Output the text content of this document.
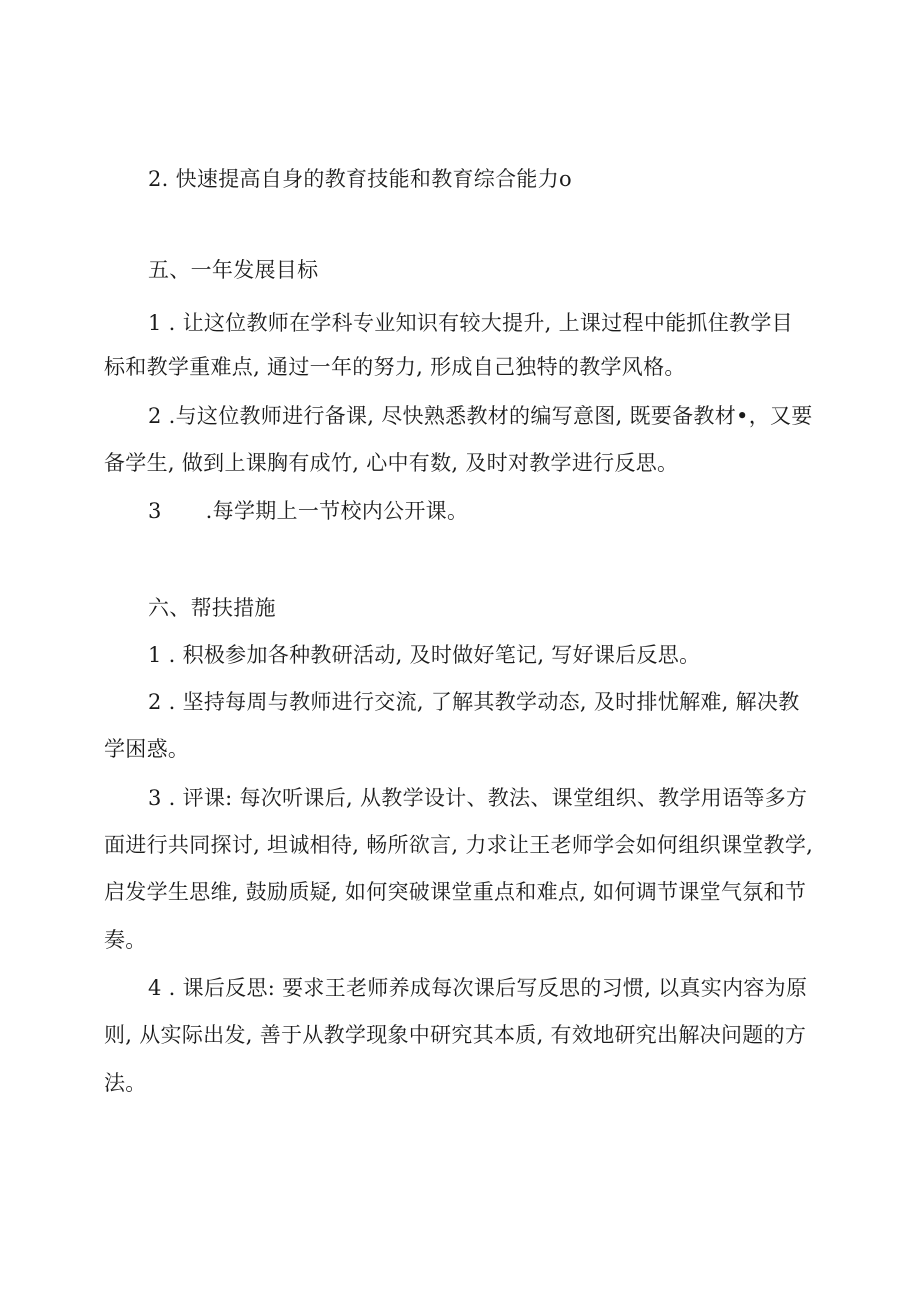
2. 快速提高自身的教育技能和教育综合能力o
五、一年发展目标
1 . 让这位教师在学科专业知识有较大提升, 上课过程中能抓住教学目
标和教学重难点, 通过一年的努力, 形成自己独特的教学风格。
2 .与这位教师进行备课, 尽快熟悉教材的编写意图, 既要备教材•，又要
备学生, 做到上课胸有成竹, 心中有数, 及时对教学进行反思。
3 .每学期上一节校内公开课。
六、帮扶措施
1 . 积极参加各种教研活动, 及时做好笔记, 写好课后反思。
2 . 坚持每周与教师进行交流, 了解其教学动态, 及时排忧解难, 解决教
学困惑。
3 . 评课: 每次听课后, 从教学设计、教法、课堂组织、教学用语等多方
面进行共同探讨, 坦诚相待, 畅所欲言, 力求让王老师学会如何组织课堂教学,
启发学生思维, 鼓励质疑, 如何突破课堂重点和难点, 如何调节课堂气氛和节
奏。
4 . 课后反思: 要求王老师养成每次课后写反思的习惯, 以真实内容为原
则, 从实际出发, 善于从教学现象中研究其本质, 有效地研究出解决问题的方
法。
